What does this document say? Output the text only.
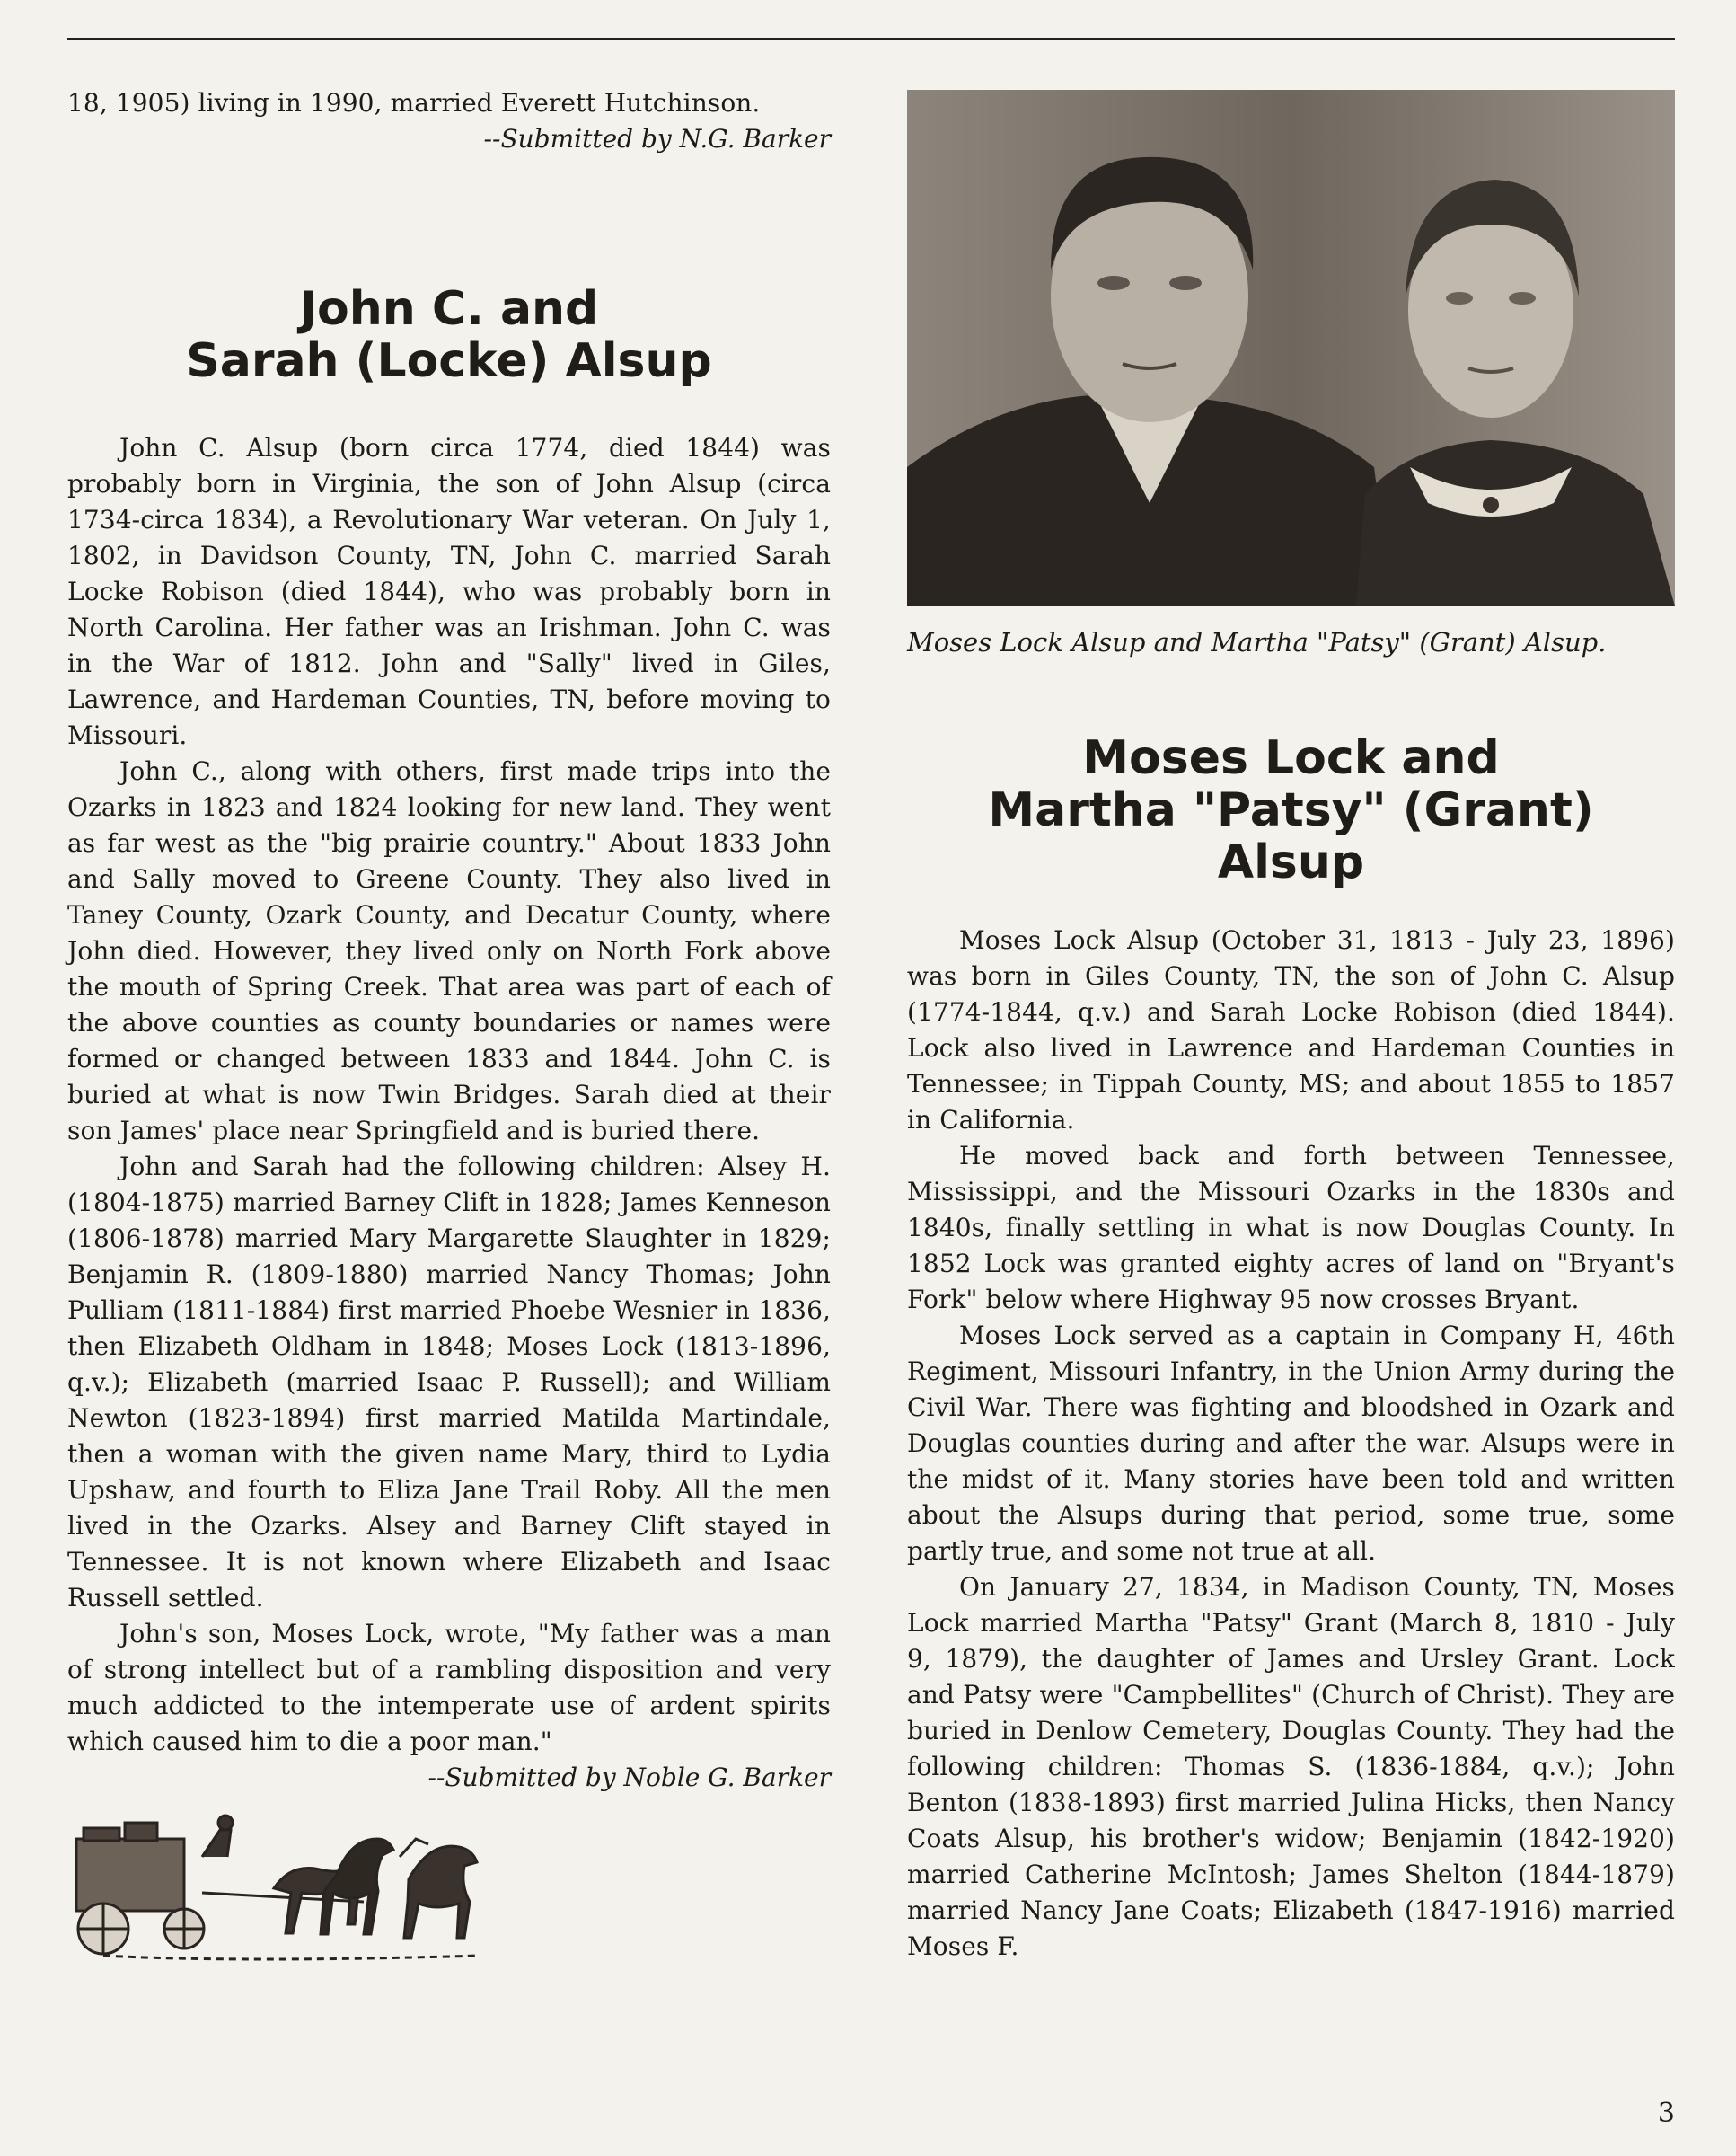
18, 1905) living in 1990, married Everett Hutchinson.

--Submitted by N.G. Barker

John C. and
Sarah (Locke) Alsup

John C. Alsup (born circa 1774, died 1844) was probably born in Virginia, the son of John Alsup (circa 1734-circa 1834), a Revolutionary War veteran. On July 1, 1802, in Davidson County, TN, John C. married Sarah Locke Robison (died 1844), who was probably born in North Carolina. Her father was an Irishman. John C. was in the War of 1812. John and "Sally" lived in Giles, Lawrence, and Hardeman Counties, TN, before moving to Missouri.

John C., along with others, first made trips into the Ozarks in 1823 and 1824 looking for new land. They went as far west as the "big prairie country." About 1833 John and Sally moved to Greene County. They also lived in Taney County, Ozark County, and Decatur County, where John died. However, they lived only on North Fork above the mouth of Spring Creek. That area was part of each of the above counties as county boundaries or names were formed or changed between 1833 and 1844. John C. is buried at what is now Twin Bridges. Sarah died at their son James' place near Springfield and is buried there.

John and Sarah had the following children: Alsey H. (1804-1875) married Barney Clift in 1828; James Kenneson (1806-1878) married Mary Margarette Slaughter in 1829; Benjamin R. (1809-1880) married Nancy Thomas; John Pulliam (1811-1884) first married Phoebe Wesnier in 1836, then Elizabeth Oldham in 1848; Moses Lock (1813-1896, q.v.); Elizabeth (married Isaac P. Russell); and William Newton (1823-1894) first married Matilda Martindale, then a woman with the given name Mary, third to Lydia Upshaw, and fourth to Eliza Jane Trail Roby. All the men lived in the Ozarks. Alsey and Barney Clift stayed in Tennessee. It is not known where Elizabeth and Isaac Russell settled.

John's son, Moses Lock, wrote, "My father was a man of strong intellect but of a rambling disposition and very much addicted to the intemperate use of ardent spirits which caused him to die a poor man."

--Submitted by Noble G. Barker

Moses Lock Alsup and Martha "Patsy" (Grant) Alsup.

Moses Lock and
Martha "Patsy" (Grant) Alsup

Moses Lock Alsup (October 31, 1813 - July 23, 1896) was born in Giles County, TN, the son of John C. Alsup (1774-1844, q.v.) and Sarah Locke Robison (died 1844). Lock also lived in Lawrence and Hardeman Counties in Tennessee; in Tippah County, MS; and about 1855 to 1857 in California.

He moved back and forth between Tennessee, Mississippi, and the Missouri Ozarks in the 1830s and 1840s, finally settling in what is now Douglas County. In 1852 Lock was granted eighty acres of land on "Bryant's Fork" below where Highway 95 now crosses Bryant.

Moses Lock served as a captain in Company H, 46th Regiment, Missouri Infantry, in the Union Army during the Civil War. There was fighting and bloodshed in Ozark and Douglas counties during and after the war. Alsups were in the midst of it. Many stories have been told and written about the Alsups during that period, some true, some partly true, and some not true at all.

On January 27, 1834, in Madison County, TN, Moses Lock married Martha "Patsy" Grant (March 8, 1810 - July 9, 1879), the daughter of James and Ursley Grant. Lock and Patsy were "Campbellites" (Church of Christ). They are buried in Denlow Cemetery, Douglas County. They had the following children: Thomas S. (1836-1884, q.v.); John Benton (1838-1893) first married Julina Hicks, then Nancy Coats Alsup, his brother's widow; Benjamin (1842-1920) married Catherine McIntosh; James Shelton (1844-1879) married Nancy Jane Coats; Elizabeth (1847-1916) married Moses F.

3
